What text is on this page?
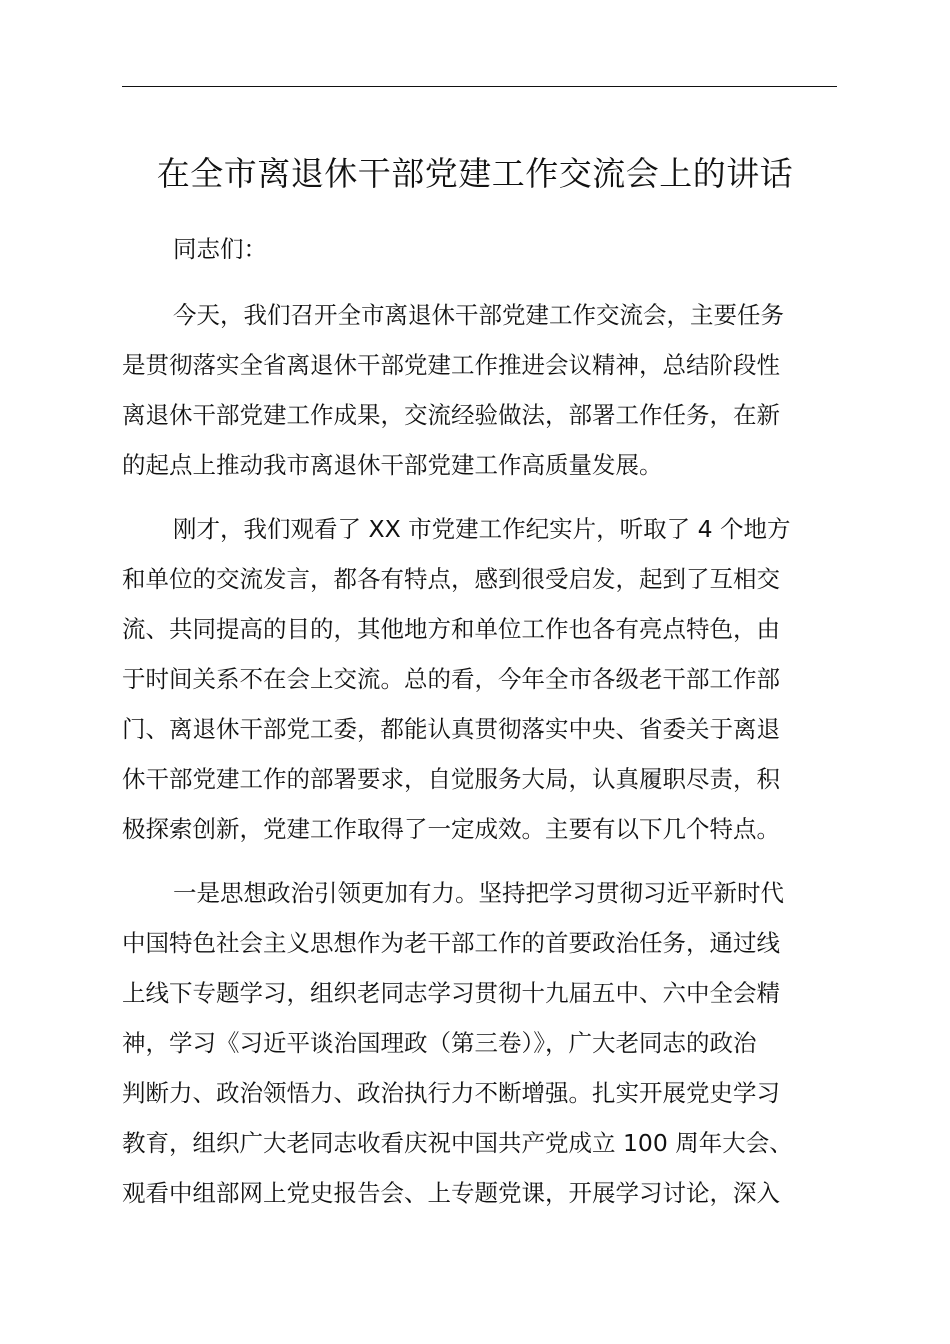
在全市离退休干部党建工作交流会上的讲话
同志们：
今天，我们召开全市离退休干部党建工作交流会，主要任务
是贯彻落实全省离退休干部党建工作推进会议精神，总结阶段性
离退休干部党建工作成果，交流经验做法，部署工作任务，在新
的起点上推动我市离退休干部党建工作高质量发展。
刚才，我们观看了 XX 市党建工作纪实片，听取了 4 个地方
和单位的交流发言，都各有特点，感到很受启发，起到了互相交
流、共同提高的目的，其他地方和单位工作也各有亮点特色，由
于时间关系不在会上交流。总的看，今年全市各级老干部工作部
门、离退休干部党工委，都能认真贯彻落实中央、省委关于离退
休干部党建工作的部署要求，自觉服务大局，认真履职尽责，积
极探索创新，党建工作取得了一定成效。主要有以下几个特点。
一是思想政治引领更加有力。坚持把学习贯彻习近平新时代
中国特色社会主义思想作为老干部工作的首要政治任务，通过线
上线下专题学习，组织老同志学习贯彻十九届五中、六中全会精
神，学习《习近平谈治国理政（第三卷）》，广大老同志的政治
判断力、政治领悟力、政治执行力不断增强。扎实开展党史学习
教育，组织广大老同志收看庆祝中国共产党成立 100 周年大会、
观看中组部网上党史报告会、上专题党课，开展学习讨论，深入
